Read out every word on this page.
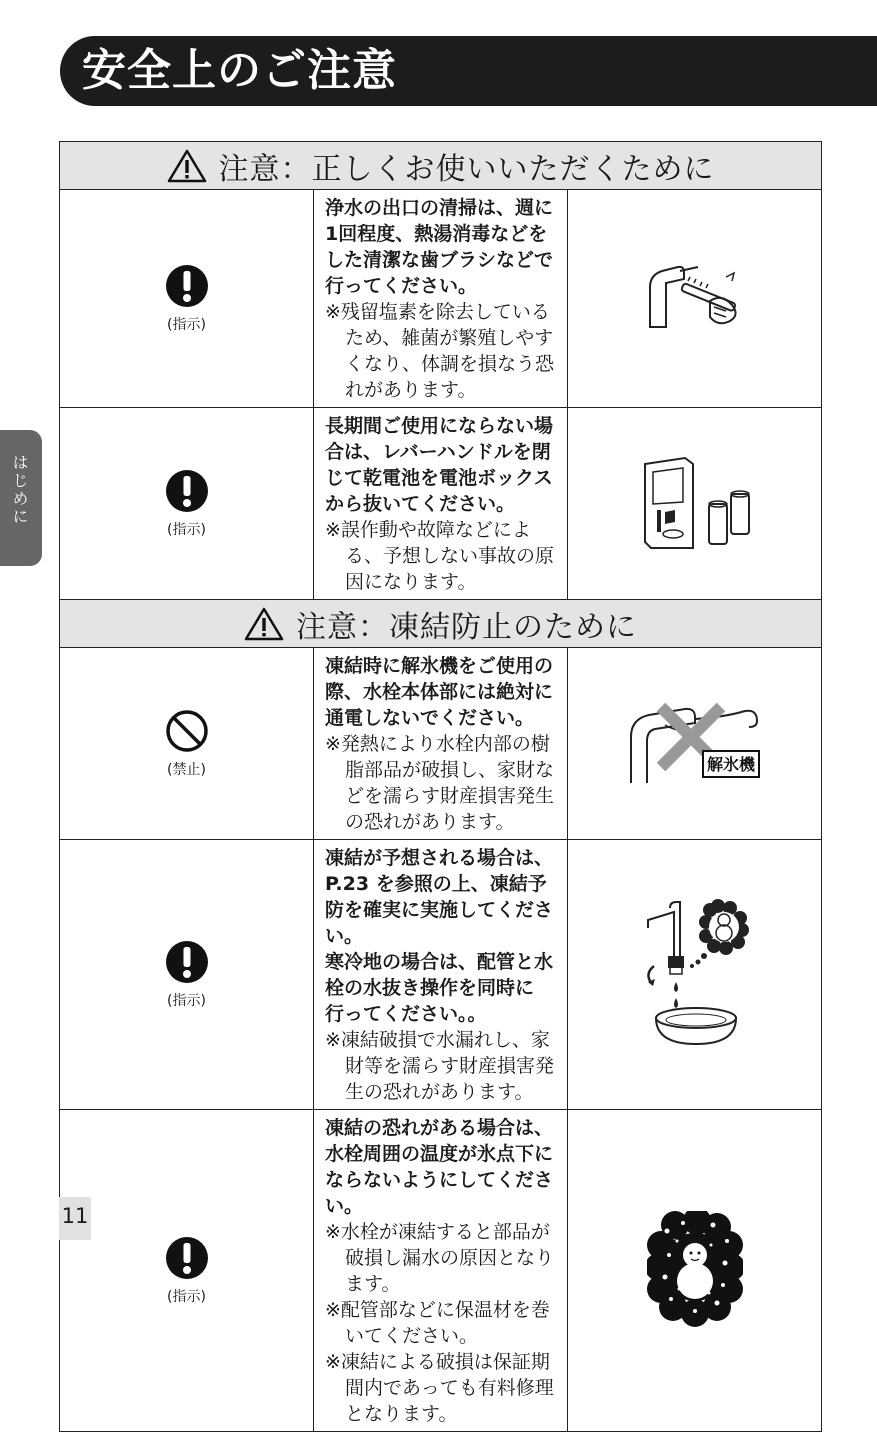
安全上のご注意
はじめに
注意：正しくお使いいただくために		

(指示)	浄水の出口の清掃は、週に1回程度、熱湯消毒などを
した清潔な歯ブラシなどで行ってください。
※残留塩素を除去しているため、雑菌が繁殖しやすくなり、体調を損なう恐れがあります。

(指示)	長期間ご使用にならない場合は、レバーハンドルを閉
じて乾電池を電池ボックスから抜いてください。
※誤作動や故障などによる、予想しない事故の原因になります。

注意：凍結防止のために		

(禁止)	凍結時に解氷機をご使用の際、水栓本体部には絶対に
通電しないでください。
※発熱により水栓内部の樹脂部品が破損し、家財などを濡らす財産損害発生の恐れがあります。	解氷機

(指示)	凍結が予想される場合は、P.23 を参照の上、凍結予
防を確実に実施してください。
寒冷地の場合は、配管と水栓の水抜き操作を同時に
行ってください。。
※凍結破損で水漏れし、家財等を濡らす財産損害発生の恐れがあります。

(指示)	凍結の恐れがある場合は、水栓周囲の温度が氷点下に
ならないようにしてください。
※水栓が凍結すると部品が破損し漏水の原因となります。
※配管部などに保温材を巻いてください。
※凍結による破損は保証期間内であっても有料修理となります。

11
